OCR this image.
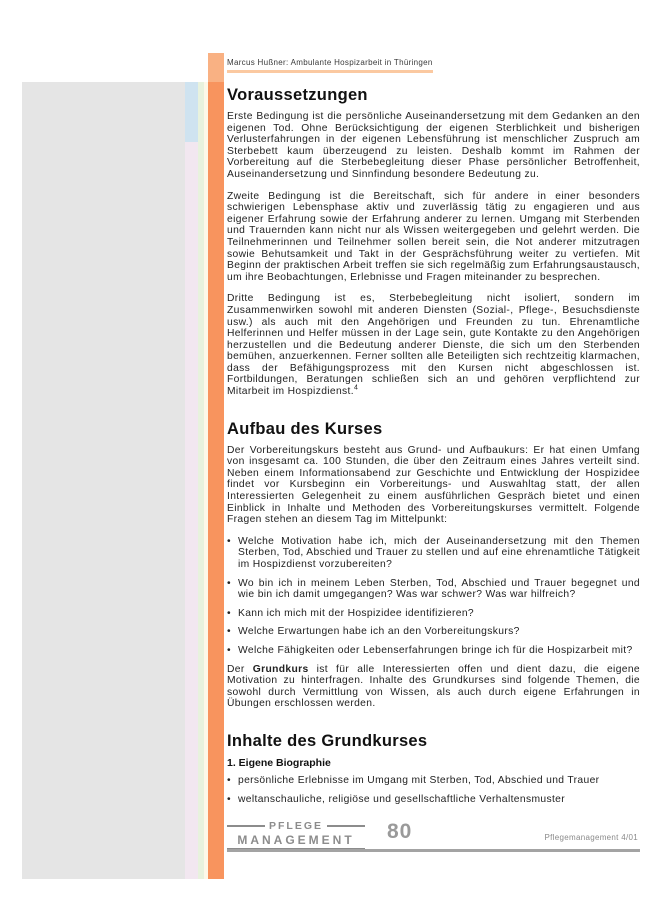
Marcus Hußner: Ambulante Hospizarbeit in Thüringen
Voraussetzungen

Erste Bedingung ist die persönliche Auseinandersetzung mit dem Gedanken an den eigenen Tod. Ohne Berücksichtigung der eigenen Sterblichkeit und bisherigen Verlusterfahrungen in der eigenen Lebensführung ist menschlicher Zuspruch am Sterbebett kaum überzeugend zu leisten. Deshalb kommt im Rahmen der Vorbereitung auf die Sterbebegleitung dieser Phase persönlicher Betroffenheit, Auseinandersetzung und Sinnfindung besondere Bedeutung zu.

Zweite Bedingung ist die Bereitschaft, sich für andere in einer besonders schwierigen Lebensphase aktiv und zuverlässig tätig zu engagieren und aus eigener Erfahrung sowie der Erfahrung anderer zu lernen. Umgang mit Sterbenden und Trauernden kann nicht nur als Wissen weitergegeben und gelehrt werden. Die Teilnehmerinnen und Teilnehmer sollen bereit sein, die Not anderer mitzutragen sowie Behutsamkeit und Takt in der Gesprächsführung weiter zu vertiefen. Mit Beginn der praktischen Arbeit treffen sie sich regelmäßig zum Erfahrungsaustausch, um ihre Beobachtungen, Erlebnisse und Fragen miteinander zu besprechen.

Dritte Bedingung ist es, Sterbebegleitung nicht isoliert, sondern im Zusammenwirken sowohl mit anderen Diensten (Sozial-, Pflege-, Besuchsdienste usw.) als auch mit den Angehörigen und Freunden zu tun. Ehrenamtliche Helferinnen und Helfer müssen in der Lage sein, gute Kontakte zu den Angehörigen herzustellen und die Bedeutung anderer Dienste, die sich um den Sterbenden bemühen, anzuerkennen. Ferner sollten alle Beteiligten sich rechtzeitig klarmachen, dass der Befähigungsprozess mit den Kursen nicht abgeschlossen ist. Fortbildungen, Beratungen schließen sich an und gehören verpflichtend zur Mitarbeit im Hospizdienst.$^4$

Aufbau des Kurses

Der Vorbereitungskurs besteht aus Grund- und Aufbaukurs: Er hat einen Umfang von insgesamt ca. 100 Stunden, die über den Zeitraum eines Jahres verteilt sind. Neben einem Informationsabend zur Geschichte und Entwicklung der Hospizidee findet vor Kursbeginn ein Vorbereitungs- und Auswahltag statt, der allen Interessierten Gelegenheit zu einem ausführlichen Gespräch bietet und einen Einblick in Inhalte und Methoden des Vorbereitungskurses vermittelt. Folgende Fragen stehen an diesem Tag im Mittelpunkt:

• Welche Motivation habe ich, mich der Auseinandersetzung mit den Themen Sterben, Tod, Abschied und Trauer zu stellen und auf eine ehrenamtliche Tätigkeit im Hospizdienst vorzubereiten?
• Wo bin ich in meinem Leben Sterben, Tod, Abschied und Trauer begegnet und wie bin ich damit umgegangen? Was war schwer? Was war hilfreich?
• Kann ich mich mit der Hospizidee identifizieren?
• Welche Erwartungen habe ich an den Vorbereitungskurs?
• Welche Fähigkeiten oder Lebenserfahrungen bringe ich für die Hospizarbeit mit?

Der Grundkurs ist für alle Interessierten offen und dient dazu, die eigene Motivation zu hinterfragen. Inhalte des Grundkurses sind folgende Themen, die sowohl durch Vermittlung von Wissen, als auch durch eigene Erfahrungen in Übungen erschlossen werden.

Inhalte des Grundkurses
1. Eigene Biographie
• persönliche Erlebnisse im Umgang mit Sterben, Tod, Abschied und Trauer
• weltanschauliche, religiöse und gesellschaftliche Verhaltensmuster
PFLEGE
MANAGEMENT	80	Pflegemanagement 4/01
